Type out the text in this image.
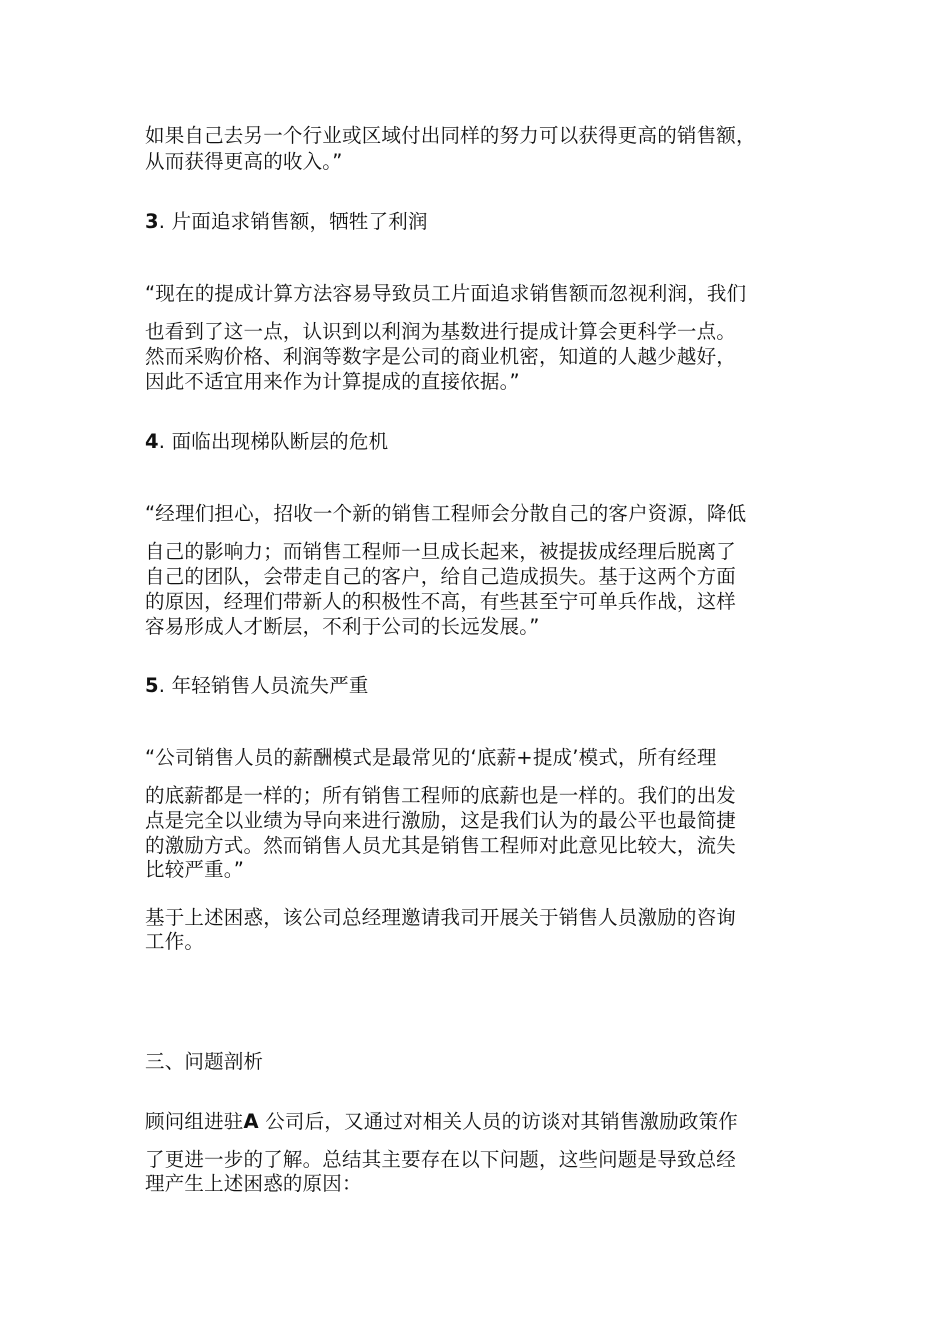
如果自己去另一个行业或区域付出同样的努力可以获得更高的销售额，
从而获得更高的收入。”
3. 片面追求销售额，牺牲了利润
“现在的提成计算方法容易导致员工片面追求销售额而忽视利润，我们
也看到了这一点，认识到以利润为基数进行提成计算会更科学一点。
然而采购价格、利润等数字是公司的商业机密，知道的人越少越好，
因此不适宜用来作为计算提成的直接依据。”
4. 面临出现梯队断层的危机
“经理们担心，招收一个新的销售工程师会分散自己的客户资源，降低
自己的影响力；而销售工程师一旦成长起来，被提拔成经理后脱离了
自己的团队，会带走自己的客户，给自己造成损失。基于这两个方面
的原因，经理们带新人的积极性不高，有些甚至宁可单兵作战，这样
容易形成人才断层，不利于公司的长远发展。”
5. 年轻销售人员流失严重
“公司销售人员的薪酬模式是最常见的‘底薪+提成’模式，所有经理
的底薪都是一样的；所有销售工程师的底薪也是一样的。我们的出发
点是完全以业绩为导向来进行激励，这是我们认为的最公平也最简捷
的激励方式。然而销售人员尤其是销售工程师对此意见比较大，流失
比较严重。”
基于上述困惑，该公司总经理邀请我司开展关于销售人员激励的咨询
工作。
三、问题剖析
顾问组进驻A 公司后，又通过对相关人员的访谈对其销售激励政策作
了更进一步的了解。总结其主要存在以下问题，这些问题是导致总经
理产生上述困惑的原因：
